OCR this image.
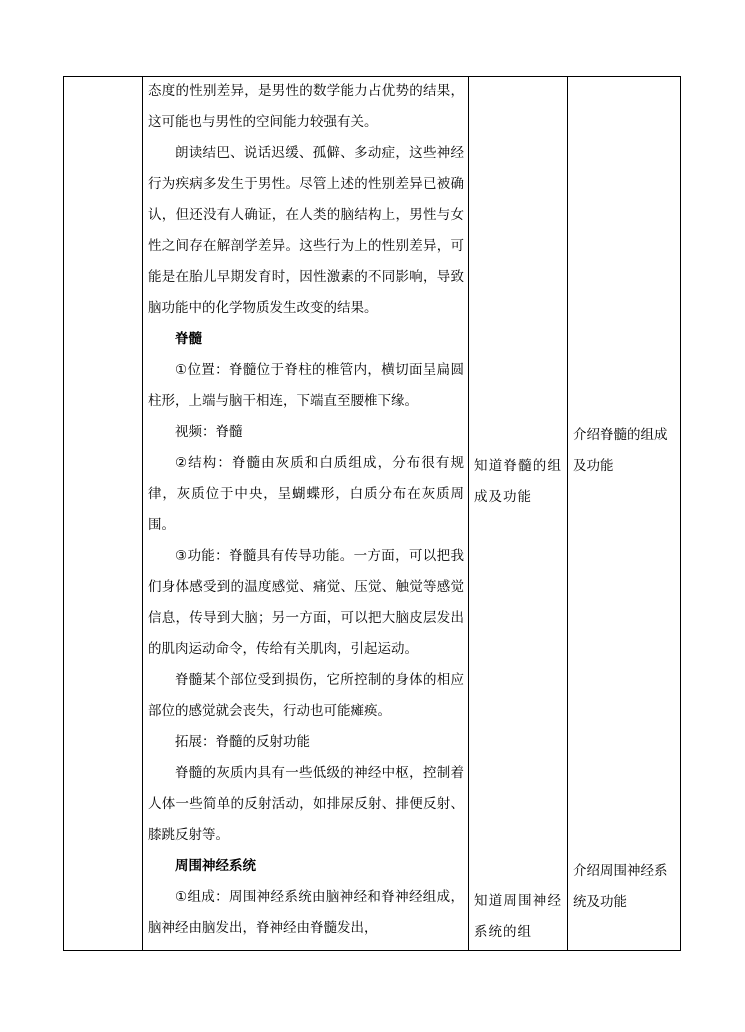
态度的性别差异，是男性的数学能力占优势的结果，这可能也与男性的空间能力较强有关。

朗读结巴、说话迟缓、孤僻、多动症，这些神经行为疾病多发生于男性。尽管上述的性别差异已被确认，但还没有人确证，在人类的脑结构上，男性与女性之间存在解剖学差异。这些行为上的性别差异，可能是在胎儿早期发育时，因性激素的不同影响，导致脑功能中的化学物质发生改变的结果。

脊髓

①位置：脊髓位于脊柱的椎管内，横切面呈扁圆柱形，上端与脑干相连，下端直至腰椎下缘。

视频：脊髓

②结构：脊髓由灰质和白质组成，分布很有规律，灰质位于中央，呈蝴蝶形，白质分布在灰质周围。

③功能：脊髓具有传导功能。一方面，可以把我们身体感受到的温度感觉、痛觉、压觉、触觉等感觉信息，传导到大脑；另一方面，可以把大脑皮层发出的肌肉运动命令，传给有关肌肉，引起运动。

脊髓某个部位受到损伤，它所控制的身体的相应部位的感觉就会丧失，行动也可能瘫痪。

拓展：脊髓的反射功能

脊髓的灰质内具有一些低级的神经中枢，控制着人体一些简单的反射活动，如排尿反射、排便反射、膝跳反射等。

周围神经系统

①组成：周围神经系统由脑神经和脊神经组成，脑神经由脑发出，脊神经由脊髓发出，

知道脊髓的组成及功能

知道周围神经系统的组

介绍脊髓的组成及功能

介绍周围神经系统及功能
